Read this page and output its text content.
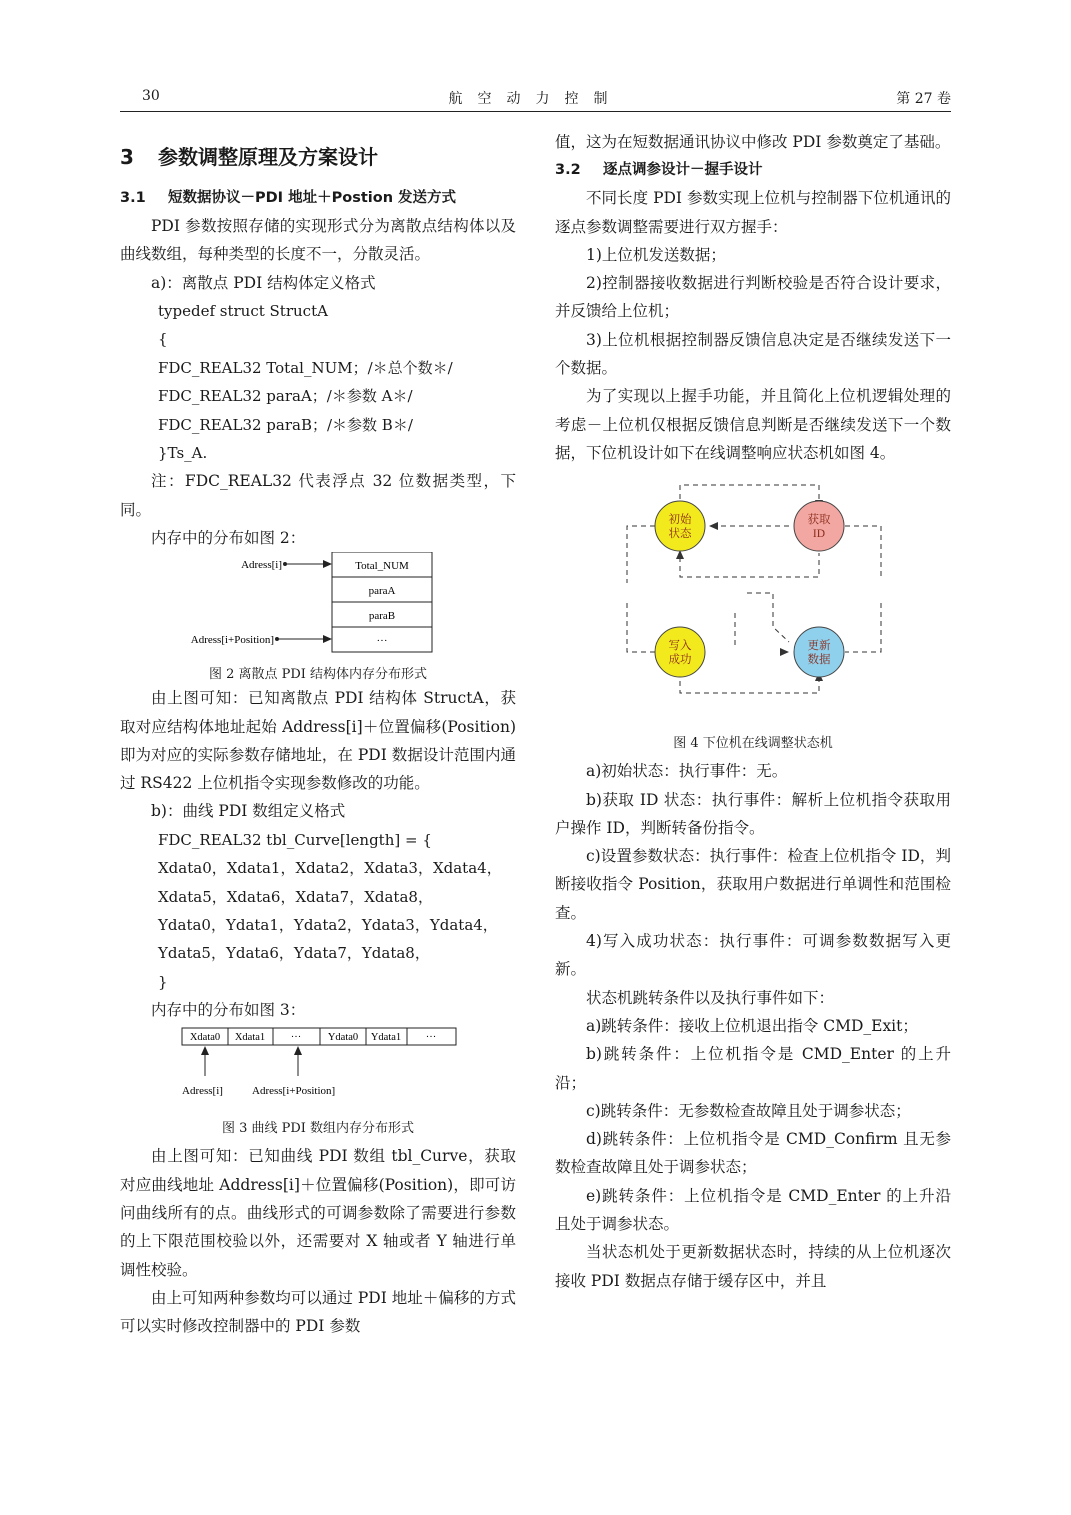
30	航空动力控制	第 27 卷
3 参数调整原理及方案设计
3.1 短数据协议－PDI 地址＋Postion 发送方式

PDI 参数按照存储的实现形式分为离散点结构体以及曲线数组，每种类型的长度不一，分散灵活。

a)：离散点 PDI 结构体定义格式

typedef struct StructA

{

FDC_REAL32 Total_NUM；/＊总个数＊/

FDC_REAL32 paraA；/＊参数 A＊/

FDC_REAL32 paraB；/＊参数 B＊/

}Ts_A.

注：FDC_REAL32 代表浮点 32 位数据类型，下同。

内存中的分布如图 2：

Adress[i]	Total_NUM
paraA
paraB
···
Adress[i+Position]

图 2 离散点 PDI 结构体内存分布形式

由上图可知：已知离散点 PDI 结构体 StructA，获取对应结构体地址起始 Address[i]＋位置偏移(Position)即为对应的实际参数存储地址，在 PDI 数据设计范围内通过 RS422 上位机指令实现参数修改的功能。

b)：曲线 PDI 数组定义格式

FDC_REAL32 tbl_Curve[length] = {

Xdata0，Xdata1，Xdata2，Xdata3，Xdata4，

Xdata5，Xdata6，Xdata7，Xdata8，

Ydata0，Ydata1，Ydata2，Ydata3，Ydata4，

Ydata5，Ydata6，Ydata7，Ydata8，

}

内存中的分布如图 3：

Xdata0 Xdata1 ···	Ydata0 Ydata1 ···
Adress[i]	Adress[i+Position]

图 3 曲线 PDI 数组内存分布形式

由上图可知：已知曲线 PDI 数组 tbl_Curve，获取对应曲线地址 Address[i]＋位置偏移(Position)，即可访问曲线所有的点。曲线形式的可调参数除了需要进行参数的上下限范围校验以外，还需要对 X 轴或者 Y 轴进行单调性校验。

由上可知两种参数均可以通过 PDI 地址＋偏移的方式可以实时修改控制器中的 PDI 参数

值，这为在短数据通讯协议中修改 PDI 参数奠定了基础。

3.2 逐点调参设计－握手设计

不同长度 PDI 参数实现上位机与控制器下位机通讯的逐点参数调整需要进行双方握手：

1)上位机发送数据；

2)控制器接收数据进行判断校验是否符合设计要求，并反馈给上位机；

3)上位机根据控制器反馈信息决定是否继续发送下一个数据。

为了实现以上握手功能，并且简化上位机逻辑处理的考虑－上位机仅根据反馈信息判断是否继续发送下一个数据，下位机设计如下在线调整响应状态机如图 4。

初始
状态
获取
ID
写入
成功
更新
数据

图 4 下位机在线调整状态机

a)初始状态：执行事件：无。

b)获取 ID 状态：执行事件：解析上位机指令获取用户操作 ID，判断转备份指令。

c)设置参数状态：执行事件：检查上位机指令 ID，判断接收指令 Position，获取用户数据进行单调性和范围检查。

4)写入成功状态：执行事件：可调参数数据写入更新。

状态机跳转条件以及执行事件如下：

a)跳转条件：接收上位机退出指令 CMD_Exit；

b)跳转条件：上位机指令是 CMD_Enter 的上升沿；

c)跳转条件：无参数检查故障且处于调参状态；

d)跳转条件：上位机指令是 CMD_Confirm 且无参数检查故障且处于调参状态；

e)跳转条件：上位机指令是 CMD_Enter 的上升沿且处于调参状态。

当状态机处于更新数据状态时，持续的从上位机逐次接收 PDI 数据点存储于缓存区中，并且
